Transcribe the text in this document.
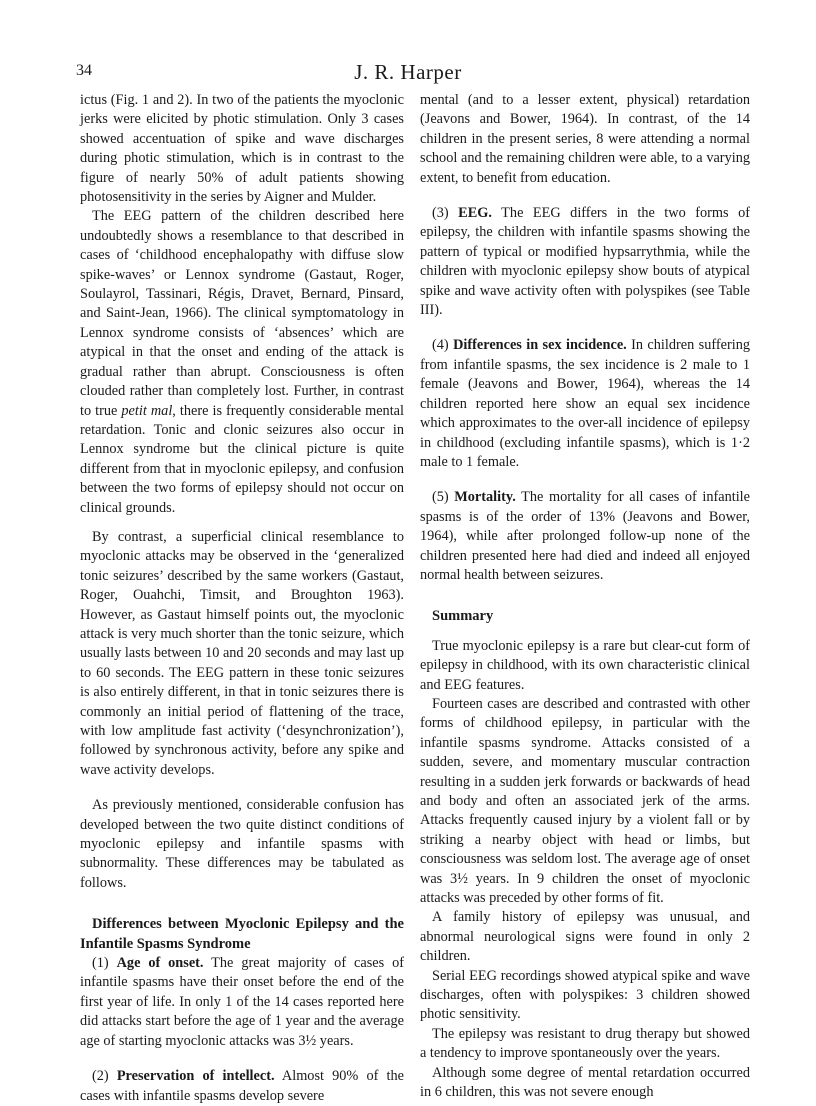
34	J. R. Harper

ictus (Fig. 1 and 2). In two of the patients the myoclonic jerks were elicited by photic stimulation. Only 3 cases showed accentuation of spike and wave discharges during photic stimulation, which is in contrast to the figure of nearly 50% of adult patients showing photosensitivity in the series by Aigner and Mulder.

The EEG pattern of the children described here undoubtedly shows a resemblance to that described in cases of ‘childhood encephalopathy with diffuse slow spike-waves’ or Lennox syndrome (Gastaut, Roger, Soulayrol, Tassinari, Régis, Dravet, Bernard, Pinsard, and Saint-Jean, 1966). The clinical symptomatology in Lennox syndrome consists of ‘absences’ which are atypical in that the onset and ending of the attack is gradual rather than abrupt. Consciousness is often clouded rather than completely lost. Further, in contrast to true petit mal, there is frequently considerable mental retardation. Tonic and clonic seizures also occur in Lennox syndrome but the clinical picture is quite different from that in myoclonic epilepsy, and confusion between the two forms of epilepsy should not occur on clinical grounds.

By contrast, a superficial clinical resemblance to myoclonic attacks may be observed in the ‘generalized tonic seizures’ described by the same workers (Gastaut, Roger, Ouahchi, Timsit, and Broughton 1963). However, as Gastaut himself points out, the myoclonic attack is very much shorter than the tonic seizure, which usually lasts between 10 and 20 seconds and may last up to 60 seconds. The EEG pattern in these tonic seizures is also entirely different, in that in tonic seizures there is commonly an initial period of flattening of the trace, with low amplitude fast activity (‘desynchronization’), followed by synchronous activity, before any spike and wave activity develops.

As previously mentioned, considerable confusion has developed between the two quite distinct conditions of myoclonic epilepsy and infantile spasms with subnormality. These differences may be tabulated as follows.

Differences between Myoclonic Epilepsy and the Infantile Spasms Syndrome

(1) Age of onset. The great majority of cases of infantile spasms have their onset before the end of the first year of life. In only 1 of the 14 cases reported here did attacks start before the age of 1 year and the average age of starting myoclonic attacks was 3½ years.

(2) Preservation of intellect. Almost 90% of the cases with infantile spasms develop severe

mental (and to a lesser extent, physical) retardation (Jeavons and Bower, 1964). In contrast, of the 14 children in the present series, 8 were attending a normal school and the remaining children were able, to a varying extent, to benefit from education.

(3) EEG. The EEG differs in the two forms of epilepsy, the children with infantile spasms showing the pattern of typical or modified hypsarrythmia, while the children with myoclonic epilepsy show bouts of atypical spike and wave activity often with polyspikes (see Table III).

(4) Differences in sex incidence. In children suffering from infantile spasms, the sex incidence is 2 male to 1 female (Jeavons and Bower, 1964), whereas the 14 children reported here show an equal sex incidence which approximates to the over-all incidence of epilepsy in childhood (excluding infantile spasms), which is 1·2 male to 1 female.

(5) Mortality. The mortality for all cases of infantile spasms is of the order of 13% (Jeavons and Bower, 1964), while after prolonged follow-up none of the children presented here had died and indeed all enjoyed normal health between seizures.

Summary

True myoclonic epilepsy is a rare but clear-cut form of epilepsy in childhood, with its own characteristic clinical and EEG features.

Fourteen cases are described and contrasted with other forms of childhood epilepsy, in particular with the infantile spasms syndrome. Attacks consisted of a sudden, severe, and momentary muscular contraction resulting in a sudden jerk forwards or backwards of head and body and often an associated jerk of the arms. Attacks frequently caused injury by a violent fall or by striking a nearby object with head or limbs, but consciousness was seldom lost. The average age of onset was 3½ years. In 9 children the onset of myoclonic attacks was preceded by other forms of fit.

A family history of epilepsy was unusual, and abnormal neurological signs were found in only 2 children.

Serial EEG recordings showed atypical spike and wave discharges, often with polyspikes: 3 children showed photic sensitivity.

The epilepsy was resistant to drug therapy but showed a tendency to improve spontaneously over the years.

Although some degree of mental retardation occurred in 6 children, this was not severe enough
